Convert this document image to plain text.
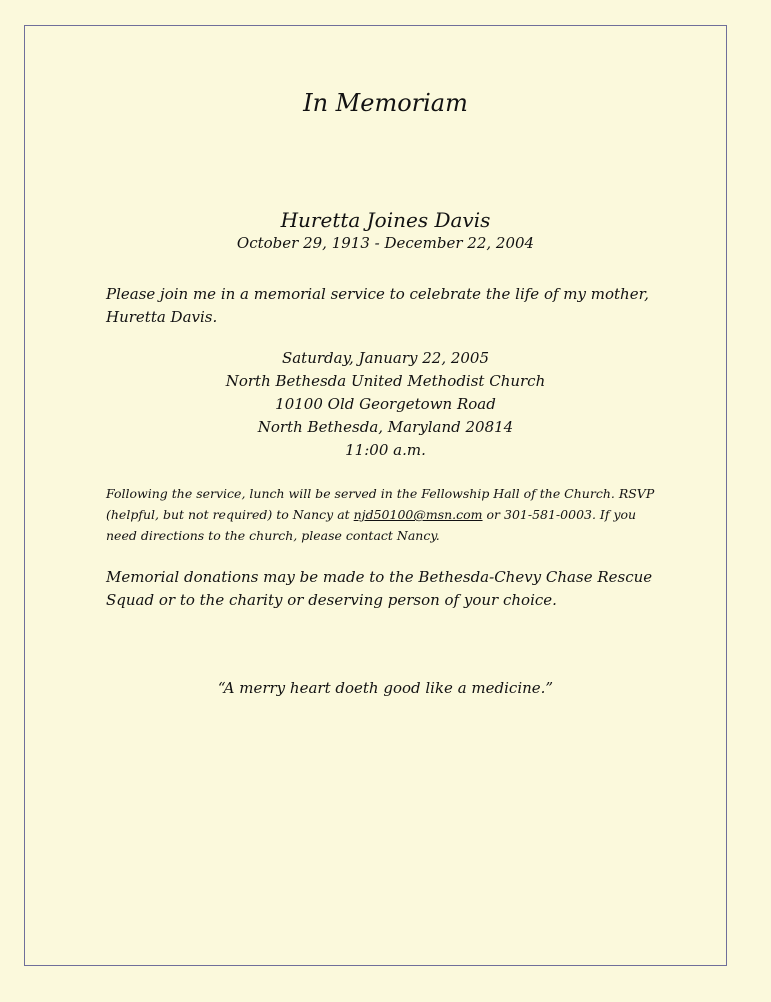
In Memoriam
Huretta Joines Davis
October 29, 1913 - December 22, 2004

Please join me in a memorial service to celebrate the life of my mother, Huretta Davis.

Saturday, January 22, 2005
North Bethesda United Methodist Church
10100 Old Georgetown Road
North Bethesda, Maryland 20814
11:00 a.m.

Following the service, lunch will be served in the Fellowship Hall of the Church. RSVP (helpful, but not required) to Nancy at njd50100@msn.com or 301-581-0003. If you need directions to the church, please contact Nancy.

Memorial donations may be made to the Bethesda-Chevy Chase Rescue Squad or to the charity or deserving person of your choice.

“A merry heart doeth good like a medicine.”
